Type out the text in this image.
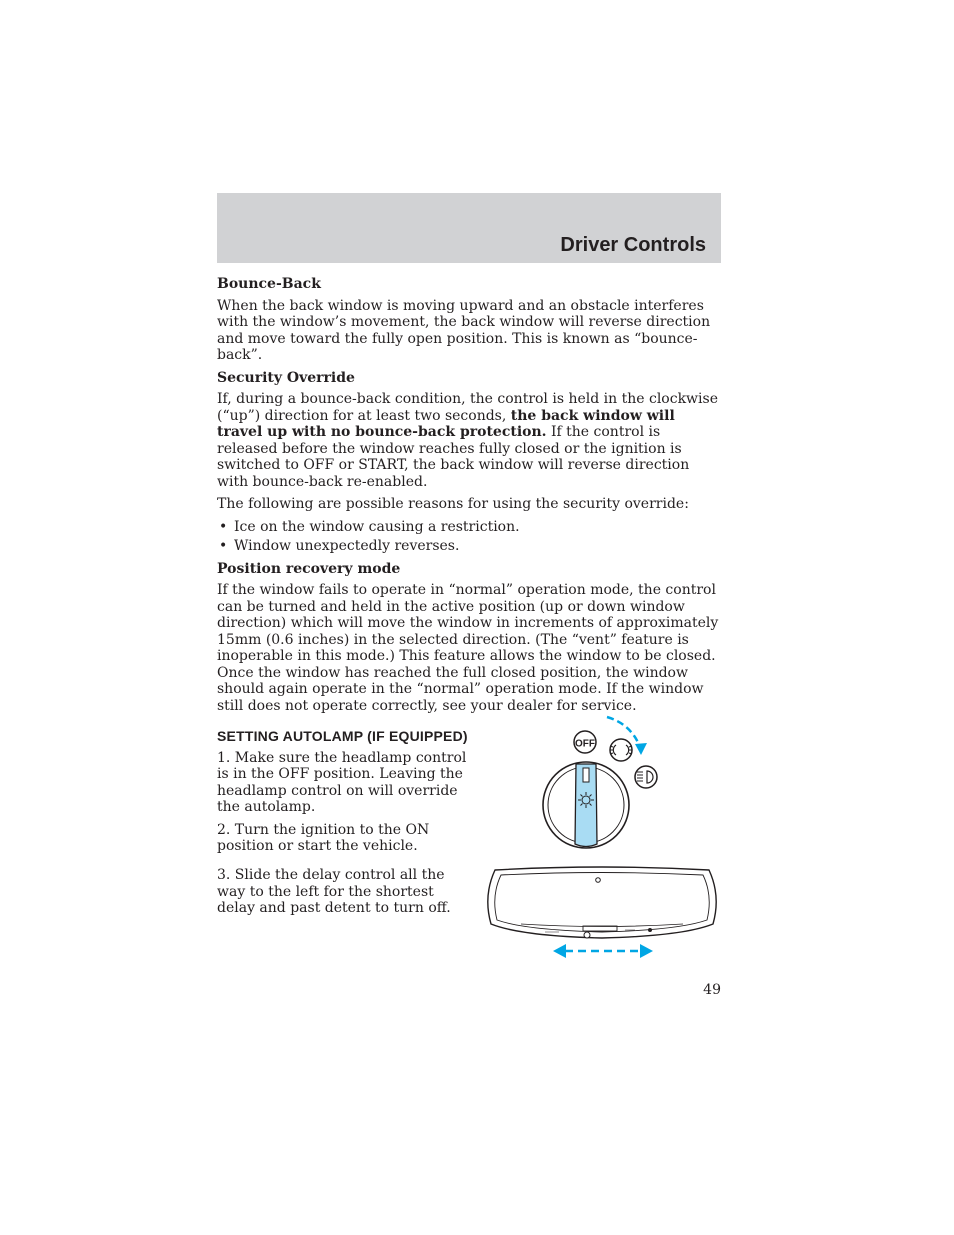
Driver Controls
Bounce-Back

When the back window is moving upward and an obstacle interferes with the window’s movement, the back window will reverse direction and move toward the fully open position. This is known as “bounce-back”.

Security Override

If, during a bounce-back condition, the control is held in the clockwise (“up”) direction for at least two seconds, the back window will travel up with no bounce-back protection. If the control is released before the window reaches fully closed or the ignition is switched to OFF or START, the back window will reverse direction with bounce-back re-enabled.

The following are possible reasons for using the security override:

• Ice on the window causing a restriction.
• Window unexpectedly reverses.
Position recovery mode

If the window fails to operate in “normal” operation mode, the control can be turned and held in the active position (up or down window direction) which will move the window in increments of approximately 15mm (0.6 inches) in the selected direction. (The “vent” feature is inoperable in this mode.) This feature allows the window to be closed. Once the window has reached the full closed position, the window should again operate in the “normal” operation mode. If the window still does not operate correctly, see your dealer for service.

SETTING AUTOLAMP (IF EQUIPPED)

1. Make sure the headlamp control is in the OFF position. Leaving the headlamp control on will override the autolamp.

2. Turn the ignition to the ON position or start the vehicle.

3. Slide the delay control all the way to the left for the shortest delay and past detent to turn off.

OFF
49
